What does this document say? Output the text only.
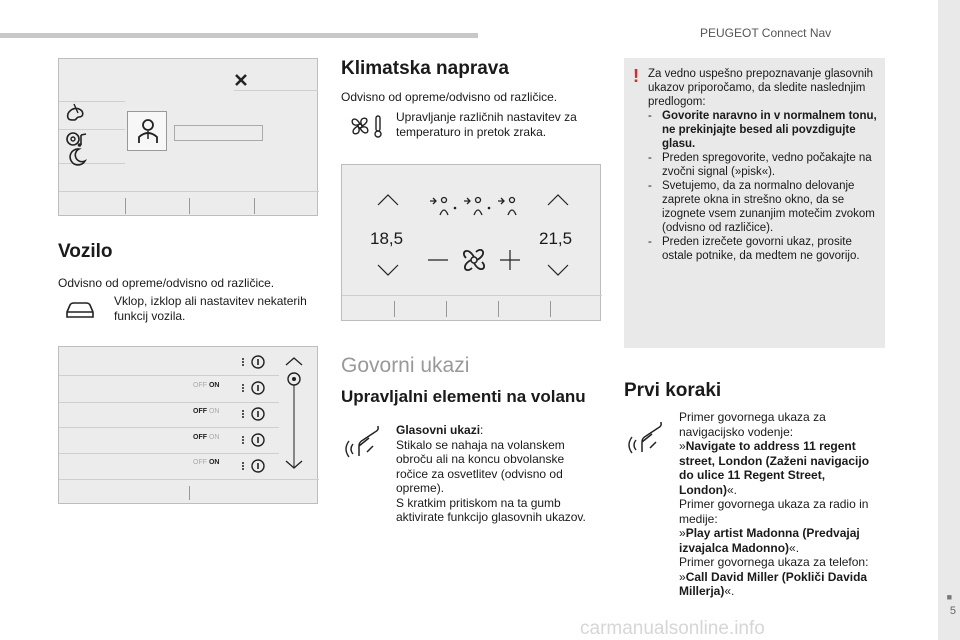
PEUGEOT Connect Nav
■
5
carmanualsonline.info
Vozilo
Odvisno od opreme/odvisno od različice.
Vklop, izklop ali nastavitev nekaterih funkcij vozila.
OFF ON
OFF ON
OFF ON
OFF ON
Klimatska naprava
Odvisno od opreme/odvisno od različice.
Upravljanje različnih nastavitev za temperaturo in pretok zraka.
18,5	21,5
Govorni ukazi
Upravljalni elementi na volanu
Glasovni ukazi:
Stikalo se nahaja na volanskem obroču ali na koncu obvolanske ročice za osvetlitev (odvisno od opreme).
S kratkim pritiskom na ta gumb aktivirate funkcijo glasovnih ukazov.
! Za vedno uspešno prepoznavanje glasovnih ukazov priporočamo, da sledite naslednjim predlogom:
- Govorite naravno in v normalnem tonu, ne prekinjajte besed ali povzdigujte glasu.
- Preden spregovorite, vedno počakajte na zvočni signal (»pisk«).
- Svetujemo, da za normalno delovanje zaprete okna in strešno okno, da se izognete vsem zunanjim motečim zvokom (odvisno od različice).
- Preden izrečete govorni ukaz, prosite ostale potnike, da medtem ne govorijo.
Prvi koraki
Primer govornega ukaza za navigacijsko vodenje:
»Navigate to address 11 regent street, London (Zaženi navigacijo do ulice 11 Regent Street, London)«.
Primer govornega ukaza za radio in medije:
»Play artist Madonna (Predvajaj izvajalca Madonno)«.
Primer govornega ukaza za telefon:
»Call David Miller (Pokliči Davida Millerja)«.
